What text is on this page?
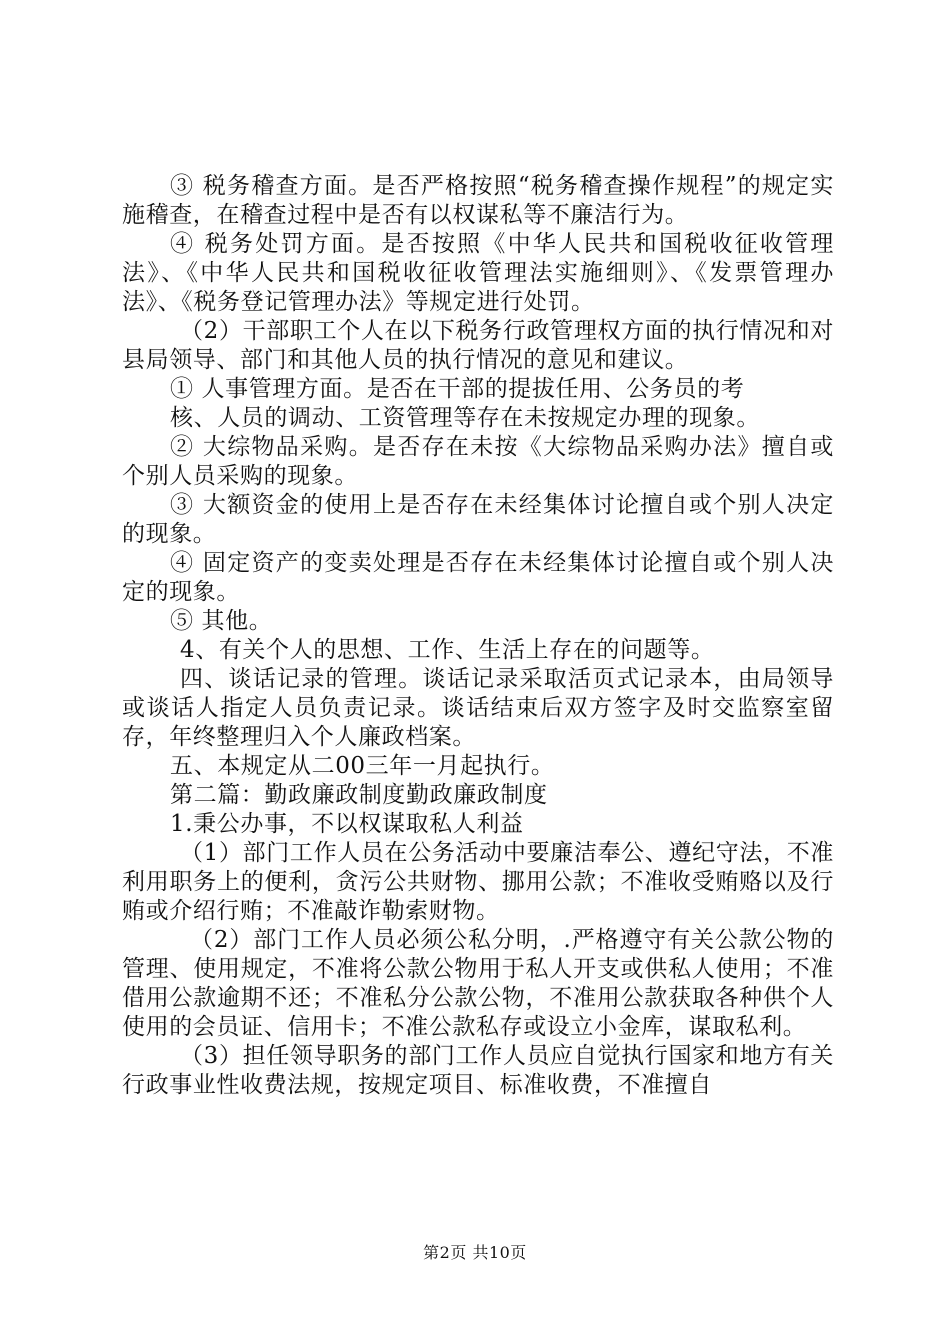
③ 税务稽查方面。是否严格按照“税务稽查操作规程”的规定实施稽查，在稽查过程中是否有以权谋私等不廉洁行为。

④ 税务处罚方面。是否按照《中华人民共和国税收征收管理法》、《中华人民共和国税收征收管理法实施细则》、《发票管理办法》、《税务登记管理办法》等规定进行处罚。

（2）干部职工个人在以下税务行政管理权方面的执行情况和对县局领导、部门和其他人员的执行情况的意见和建议。

① 人事管理方面。是否在干部的提拔任用、公务员的考

核、人员的调动、工资管理等存在未按规定办理的现象。

② 大综物品采购。是否存在未按《大综物品采购办法》擅自或个别人员采购的现象。

③ 大额资金的使用上是否存在未经集体讨论擅自或个别人决定的现象。

④ 固定资产的变卖处理是否存在未经集体讨论擅自或个别人决定的现象。

⑤ 其他。

4、有关个人的思想、工作、生活上存在的问题等。

四、谈话记录的管理。谈话记录采取活页式记录本，由局领导或谈话人指定人员负责记录。谈话结束后双方签字及时交监察室留存，年终整理归入个人廉政档案。

五、本规定从二00三年一月起执行。

第二篇：勤政廉政制度勤政廉政制度

1.秉公办事，不以权谋取私人利益

（1）部门工作人员在公务活动中要廉洁奉公、遵纪守法，不准利用职务上的便利，贪污公共财物、挪用公款；不准收受贿赂以及行贿或介绍行贿；不准敲诈勒索财物。

（2）部门工作人员必须公私分明，.严格遵守有关公款公物的管理、使用规定，不准将公款公物用于私人开支或供私人使用；不准借用公款逾期不还；不准私分公款公物，不准用公款获取各种供个人使用的会员证、信用卡；不准公款私存或设立小金库，谋取私利。

（3）担任领导职务的部门工作人员应自觉执行国家和地方有关行政事业性收费法规，按规定项目、标准收费，不准擅自

第2页 共10页
